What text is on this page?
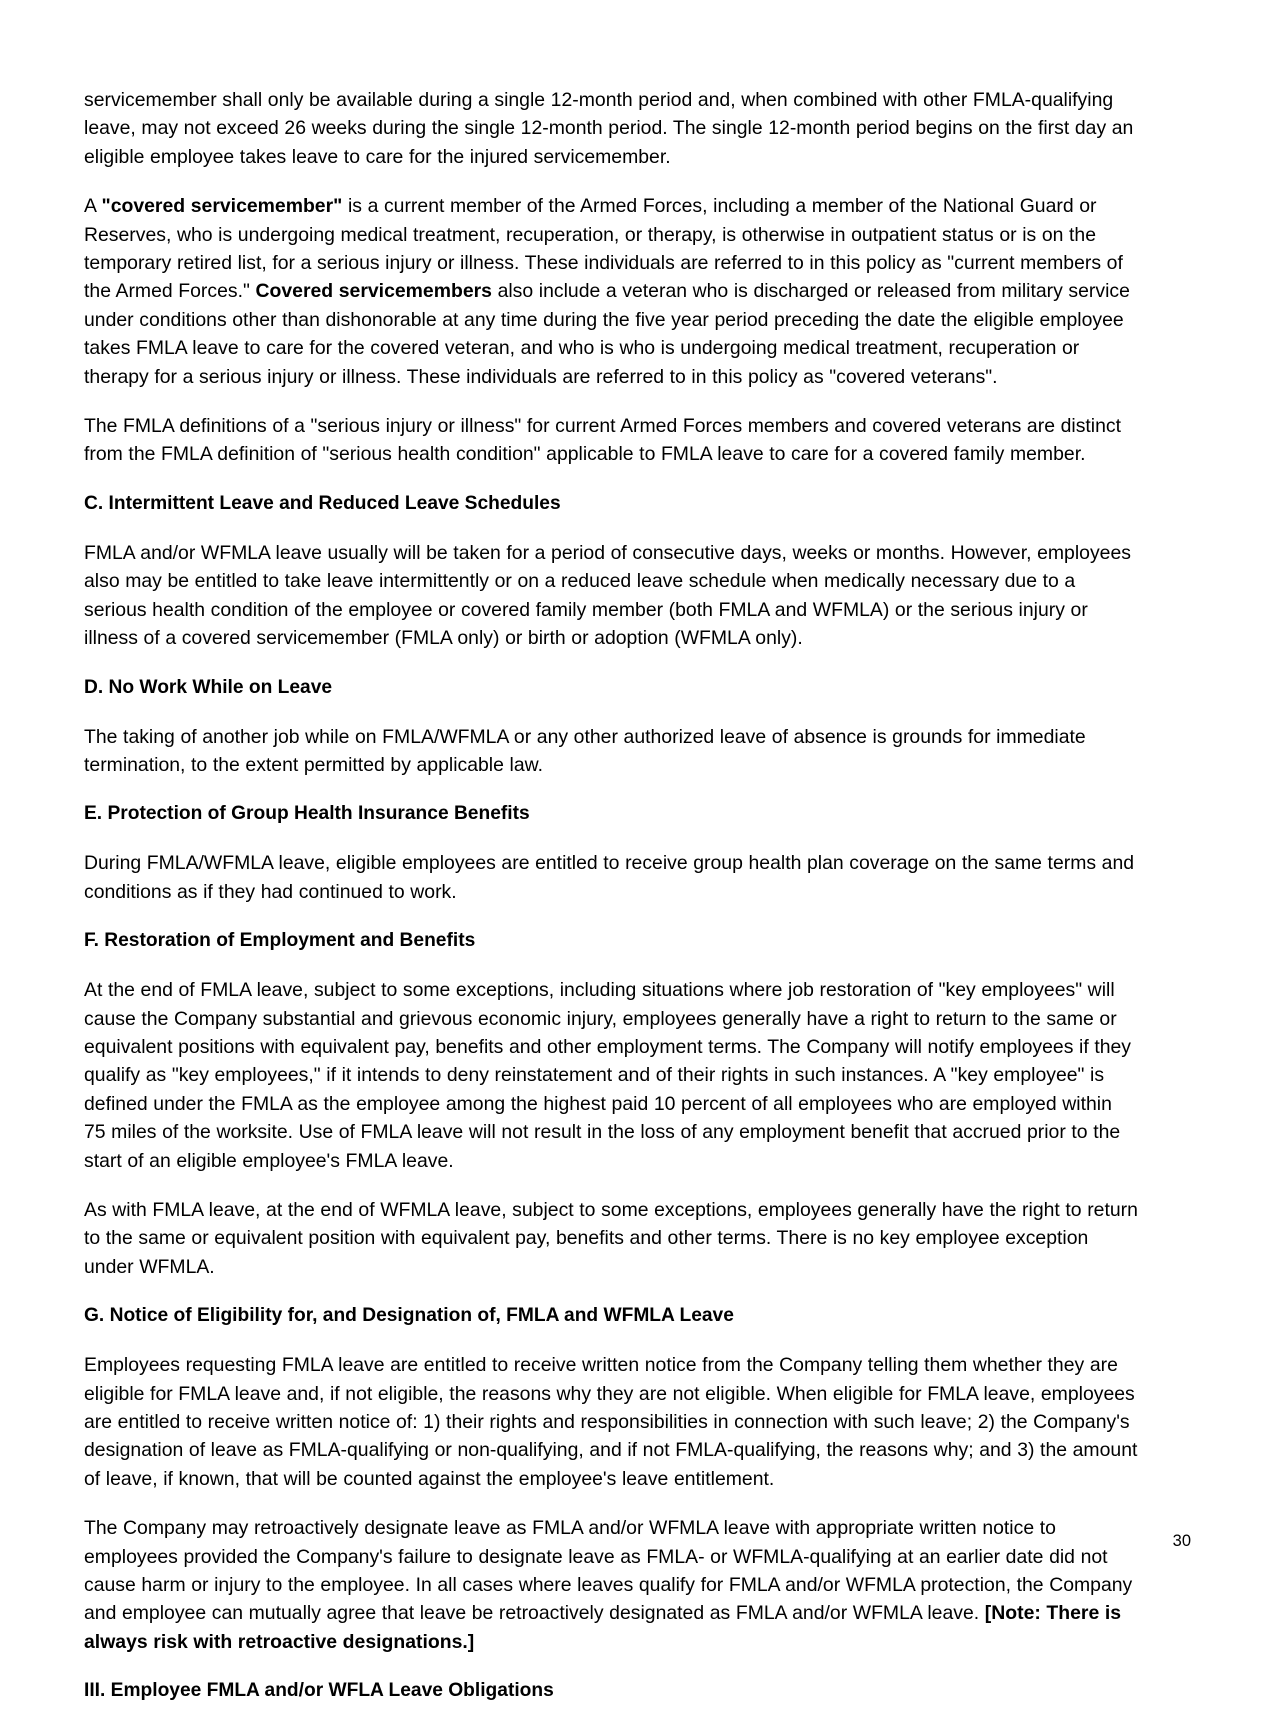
servicemember shall only be available during a single 12-month period and, when combined with other FMLA-qualifying leave, may not exceed 26 weeks during the single 12-month period. The single 12-month period begins on the first day an eligible employee takes leave to care for the injured servicemember.

A "covered servicemember" is a current member of the Armed Forces, including a member of the National Guard or Reserves, who is undergoing medical treatment, recuperation, or therapy, is otherwise in outpatient status or is on the temporary retired list, for a serious injury or illness. These individuals are referred to in this policy as "current members of the Armed Forces." Covered servicemembers also include a veteran who is discharged or released from military service under conditions other than dishonorable at any time during the five year period preceding the date the eligible employee takes FMLA leave to care for the covered veteran, and who is who is undergoing medical treatment, recuperation or therapy for a serious injury or illness. These individuals are referred to in this policy as "covered veterans".

The FMLA definitions of a "serious injury or illness" for current Armed Forces members and covered veterans are distinct from the FMLA definition of "serious health condition" applicable to FMLA leave to care for a covered family member.

C. Intermittent Leave and Reduced Leave Schedules

FMLA and/or WFMLA leave usually will be taken for a period of consecutive days, weeks or months. However, employees also may be entitled to take leave intermittently or on a reduced leave schedule when medically necessary due to a serious health condition of the employee or covered family member (both FMLA and WFMLA) or the serious injury or illness of a covered servicemember (FMLA only) or birth or adoption (WFMLA only).

D. No Work While on Leave

The taking of another job while on FMLA/WFMLA or any other authorized leave of absence is grounds for immediate termination, to the extent permitted by applicable law.

E. Protection of Group Health Insurance Benefits

During FMLA/WFMLA leave, eligible employees are entitled to receive group health plan coverage on the same terms and conditions as if they had continued to work.

F. Restoration of Employment and Benefits

At the end of FMLA leave, subject to some exceptions, including situations where job restoration of "key employees" will cause the Company substantial and grievous economic injury, employees generally have a right to return to the same or equivalent positions with equivalent pay, benefits and other employment terms. The Company will notify employees if they qualify as "key employees," if it intends to deny reinstatement and of their rights in such instances. A "key employee" is defined under the FMLA as the employee among the highest paid 10 percent of all employees who are employed within 75 miles of the worksite. Use of FMLA leave will not result in the loss of any employment benefit that accrued prior to the start of an eligible employee's FMLA leave.

As with FMLA leave, at the end of WFMLA leave, subject to some exceptions, employees generally have the right to return to the same or equivalent position with equivalent pay, benefits and other terms. There is no key employee exception under WFMLA.

G. Notice of Eligibility for, and Designation of, FMLA and WFMLA Leave

Employees requesting FMLA leave are entitled to receive written notice from the Company telling them whether they are eligible for FMLA leave and, if not eligible, the reasons why they are not eligible. When eligible for FMLA leave, employees are entitled to receive written notice of: 1) their rights and responsibilities in connection with such leave; 2) the Company's designation of leave as FMLA-qualifying or non-qualifying, and if not FMLA-qualifying, the reasons why; and 3) the amount of leave, if known, that will be counted against the employee's leave entitlement.

The Company may retroactively designate leave as FMLA and/or WFMLA leave with appropriate written notice to employees provided the Company's failure to designate leave as FMLA- or WFMLA-qualifying at an earlier date did not cause harm or injury to the employee. In all cases where leaves qualify for FMLA and/or WFMLA protection, the Company and employee can mutually agree that leave be retroactively designated as FMLA and/or WFMLA leave. [Note: There is always risk with retroactive designations.]

III. Employee FMLA and/or WFLA Leave Obligations
30
